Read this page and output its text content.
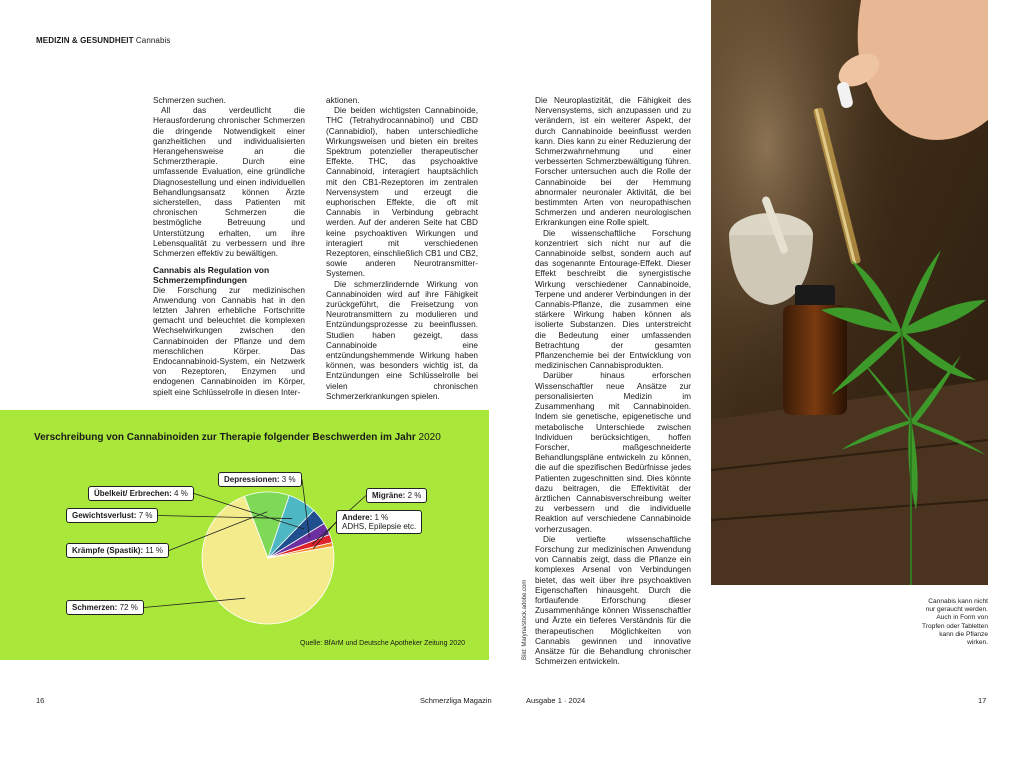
MEDIZIN & GESUNDHEIT Cannabis

Schmerzen suchen.

All das verdeutlicht die Herausforderung chronischer Schmerzen die dringende Notwendigkeit einer ganzheitlichen und individualisierten Herangehensweise an die Schmerztherapie. Durch eine umfassende Evaluation, eine gründliche Diagnosestellung und einen individuellen Behandlungsansatz können Ärzte sicherstellen, dass Patienten mit chronischen Schmerzen die bestmögliche Betreuung und Unterstützung erhalten, um ihre Lebensqualität zu verbessern und ihre Schmerzen effektiv zu bewältigen.

Cannabis als Regulation von Schmerzempfindungen

Die Forschung zur medizinischen Anwendung von Cannabis hat in den letzten Jahren erhebliche Fortschritte gemacht und beleuchtet die komplexen Wechselwirkungen zwischen den Cannabinoiden der Pflanze und dem menschlichen Körper. Das Endocannabinoid-System, ein Netzwerk von Rezeptoren, Enzymen und endogenen Cannabinoiden im Körper, spielt eine Schlüsselrolle in diesen Inter-

aktionen.

Die beiden wichtigsten Cannabinoide, THC (Tetrahydrocannabinol) und CBD (Cannabidiol), haben unterschiedliche Wirkungsweisen und bieten ein breites Spektrum potenzieller therapeutischer Effekte. THC, das psychoaktive Cannabinoid, interagiert hauptsächlich mit den CB1-Rezeptoren im zentralen Nervensystem und erzeugt die euphorischen Effekte, die oft mit Cannabis in Verbindung gebracht werden. Auf der anderen Seite hat CBD keine psychoaktiven Wirkungen und interagiert mit verschiedenen Rezeptoren, einschließlich CB1 und CB2, sowie anderen Neurotransmitter-Systemen.

Die schmerzlindernde Wirkung von Cannabinoiden wird auf ihre Fähigkeit zurückgeführt, die Freisetzung von Neurotransmittern zu modulieren und Entzündungsprozesse zu beeinflussen. Studien haben gezeigt, dass Cannabinoide eine entzündungshemmende Wirkung haben können, was besonders wichtig ist, da Entzündungen eine Schlüsselrolle bei vielen chronischen Schmerzerkrankungen spielen.

Die Neuroplastizität, die Fähigkeit des Nervensystems, sich anzupassen und zu verändern, ist ein weiterer Aspekt, der durch Cannabinoide beeinflusst werden kann. Dies kann zu einer Reduzierung der Schmerzwahrnehmung und einer verbesserten Schmerzbewältigung führen. Forscher untersuchen auch die Rolle der Cannabinoide bei der Hemmung abnormaler neuronaler Aktivität, die bei bestimmten Arten von neuropathischen Schmerzen und anderen neurologischen Erkrankungen eine Rolle spielt.

Die wissenschaftliche Forschung konzentriert sich nicht nur auf die Cannabinoide selbst, sondern auch auf das sogenannte Entourage-Effekt. Dieser Effekt beschreibt die synergistische Wirkung verschiedener Cannabinoide, Terpene und anderer Verbindungen in der Cannabis-Pflanze, die zusammen eine stärkere Wirkung haben können als isolierte Substanzen. Dies unterstreicht die Bedeutung einer umfassenden Betrachtung der gesamten Pflanzenchemie bei der Entwicklung von medizinischen Cannabisprodukten.

Darüber hinaus erforschen Wissenschaftler neue Ansätze zur personalisierten Medizin im Zusammenhang mit Cannabinoiden. Indem sie genetische, epigenetische und metabolische Unterschiede zwischen Individuen berücksichtigen, hoffen Forscher, maßgeschneiderte Behandlungspläne entwickeln zu können, die auf die spezifischen Bedürfnisse jedes Patienten zugeschnitten sind. Dies könnte dazu beitragen, die Effektivität der ärztlichen Cannabisverschreibung weiter zu verbessern und die individuelle Reaktion auf verschiedene Cannabinoide vorherzusagen.

Die vertiefte wissenschaftliche Forschung zur medizinischen Anwendung von Cannabis zeigt, dass die Pflanze ein komplexes Arsenal von Verbindungen bietet, das weit über ihre psychoaktiven Eigenschaften hinausgeht. Durch die fortlaufende Erforschung dieser Zusammenhänge können Wissenschaftler und Ärzte ein tieferes Verständnis für die therapeutischen Möglichkeiten von Cannabis gewinnen und innovative Ansätze für die Behandlung chronischer Schmerzen entwickeln.

Verschreibung von Cannabinoiden zur Therapie folgender Beschwerden im Jahr 2020
Schmerzen: 72 %
Krämpfe (Spastik): 11 %
Gewichtsverlust: 7 %
Übelkeit/ Erbrechen: 4 %
Depressionen: 3 %
Migräne: 2 %
Andere: 1 %
ADHS, Epilepsie etc.
Quelle: BfArM und Deutsche Apotheker Zeitung 2020	Bild: Maryna/stock.adobe.com	Cannabis kann nicht nur geraucht werden. Auch in Form von Tropfen oder Tabletten kann die Pflanze wirken.
16	Schmerzliga Magazin	Ausgabe 1 · 2024	17
